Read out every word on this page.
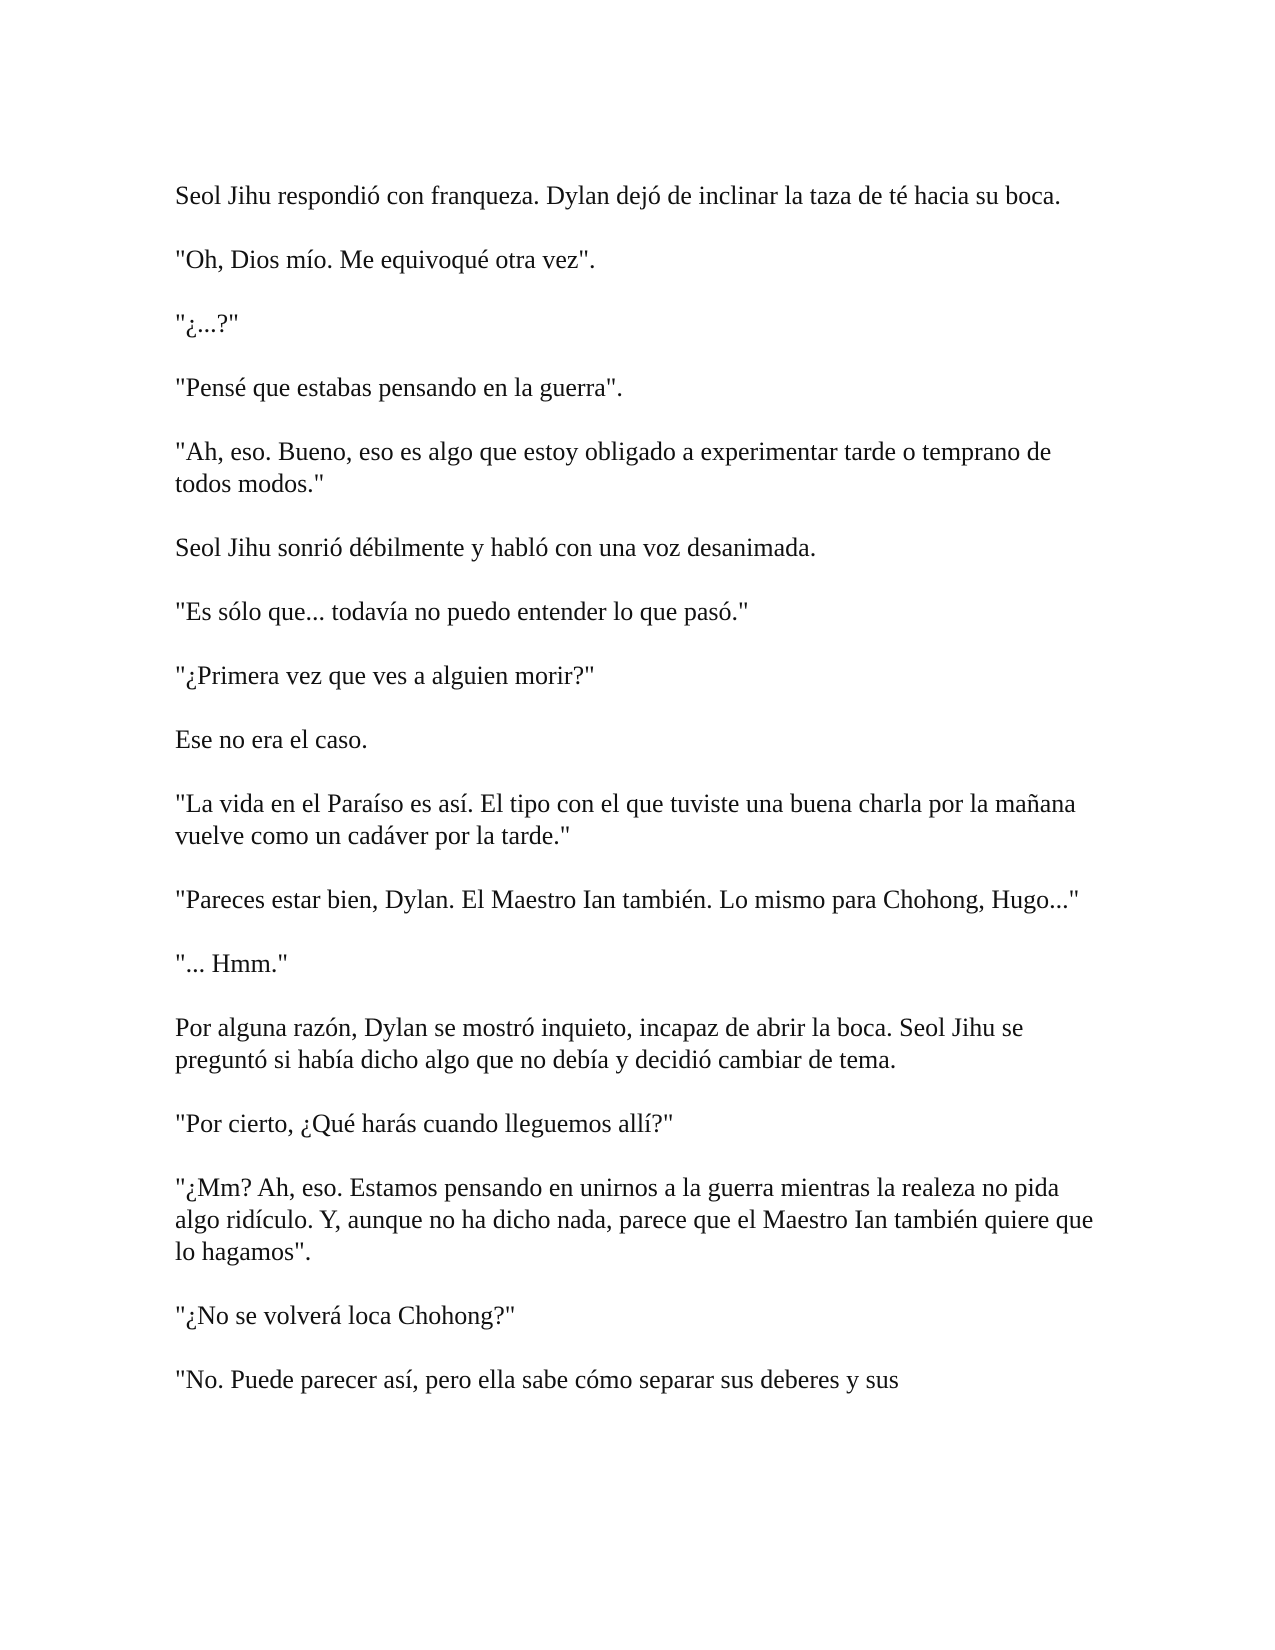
Seol Jihu respondió con franqueza. Dylan dejó de inclinar la taza de té hacia su boca.

"Oh, Dios mío. Me equivoqué otra vez".

"¿...?"

"Pensé que estabas pensando en la guerra".

"Ah, eso. Bueno, eso es algo que estoy obligado a experimentar tarde o temprano de todos modos."

Seol Jihu sonrió débilmente y habló con una voz desanimada.

"Es sólo que... todavía no puedo entender lo que pasó."

"¿Primera vez que ves a alguien morir?"

Ese no era el caso.

"La vida en el Paraíso es así. El tipo con el que tuviste una buena charla por la mañana vuelve como un cadáver por la tarde."

"Pareces estar bien, Dylan. El Maestro Ian también. Lo mismo para Chohong, Hugo..."

"... Hmm."

Por alguna razón, Dylan se mostró inquieto, incapaz de abrir la boca. Seol Jihu se preguntó si había dicho algo que no debía y decidió cambiar de tema.

"Por cierto, ¿Qué harás cuando lleguemos allí?"

"¿Mm? Ah, eso. Estamos pensando en unirnos a la guerra mientras la realeza no pida algo ridículo. Y, aunque no ha dicho nada, parece que el Maestro Ian también quiere que lo hagamos".

"¿No se volverá loca Chohong?"

"No. Puede parecer así, pero ella sabe cómo separar sus deberes y sus
